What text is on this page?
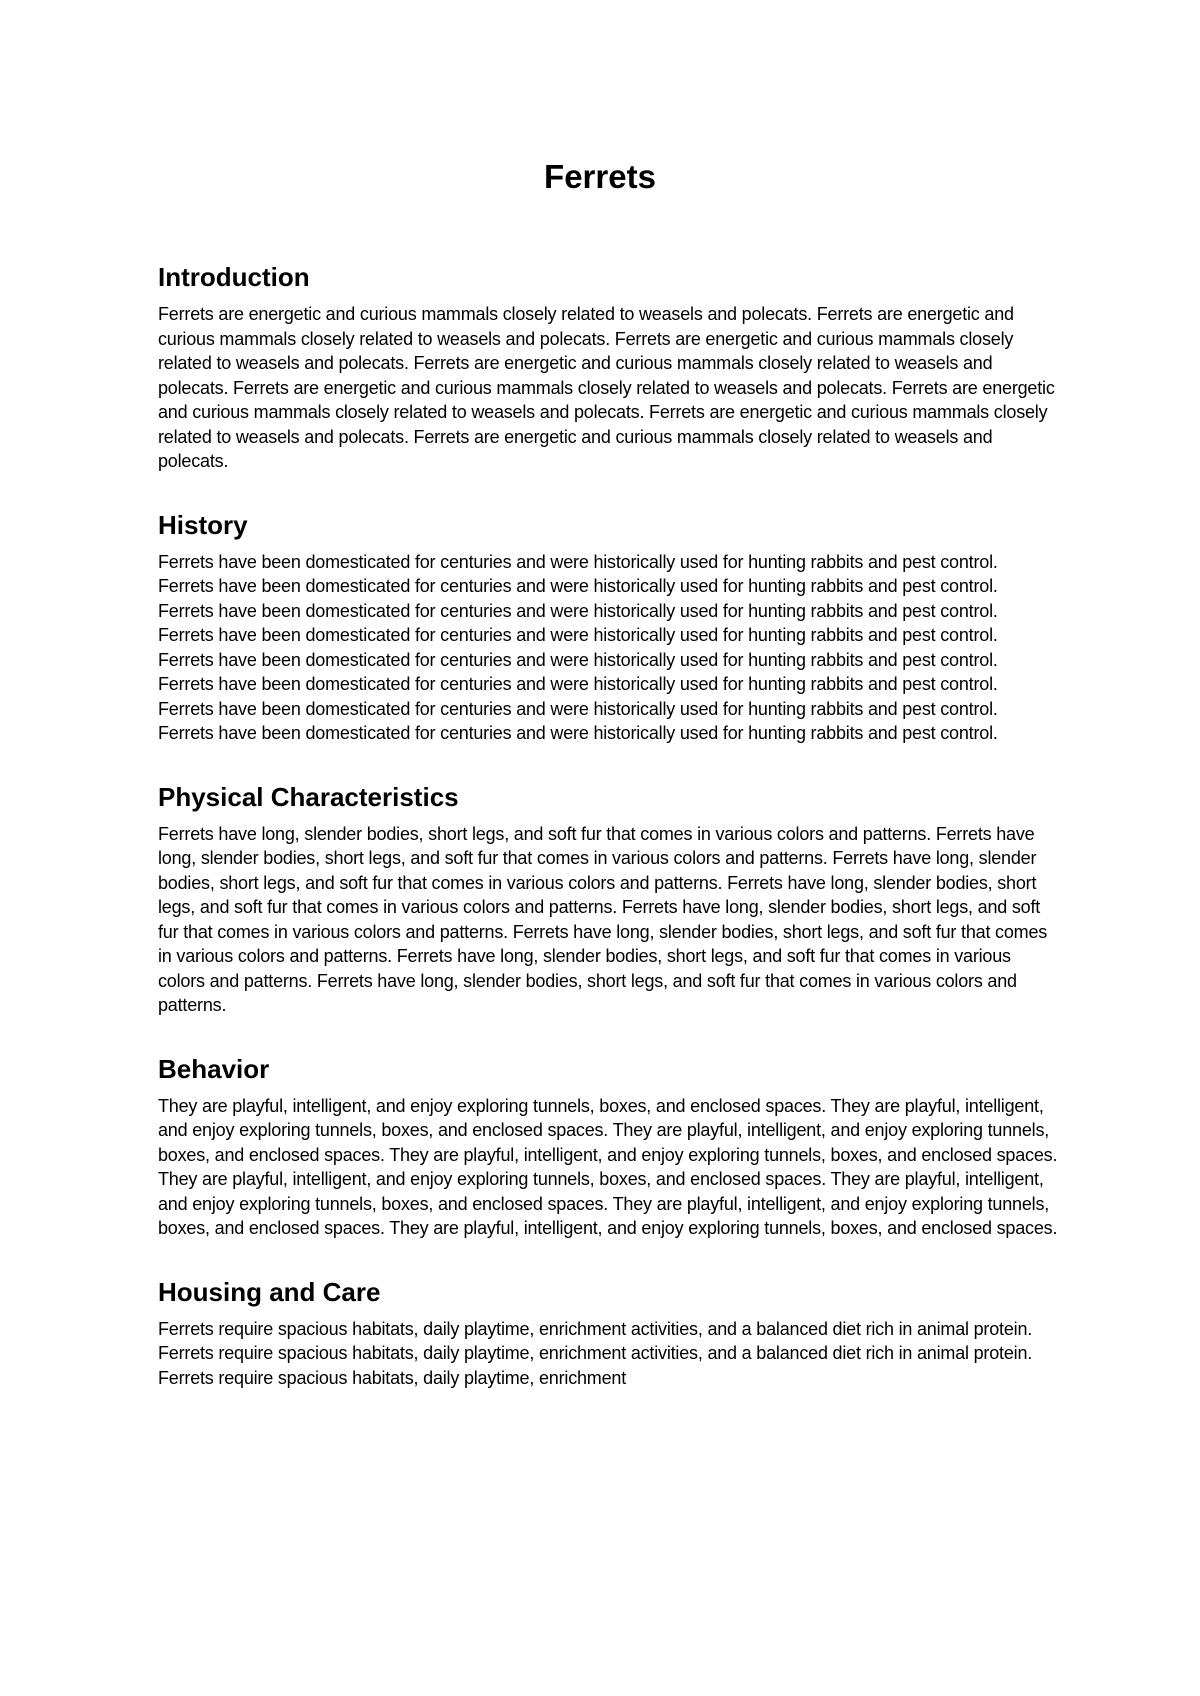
Ferrets
Introduction

Ferrets are energetic and curious mammals closely related to weasels and polecats. Ferrets are energetic and curious mammals closely related to weasels and polecats. Ferrets are energetic and curious mammals closely related to weasels and polecats. Ferrets are energetic and curious mammals closely related to weasels and polecats. Ferrets are energetic and curious mammals closely related to weasels and polecats. Ferrets are energetic and curious mammals closely related to weasels and polecats. Ferrets are energetic and curious mammals closely related to weasels and polecats. Ferrets are energetic and curious mammals closely related to weasels and polecats.

History

Ferrets have been domesticated for centuries and were historically used for hunting rabbits and pest control. Ferrets have been domesticated for centuries and were historically used for hunting rabbits and pest control. Ferrets have been domesticated for centuries and were historically used for hunting rabbits and pest control. Ferrets have been domesticated for centuries and were historically used for hunting rabbits and pest control. Ferrets have been domesticated for centuries and were historically used for hunting rabbits and pest control. Ferrets have been domesticated for centuries and were historically used for hunting rabbits and pest control. Ferrets have been domesticated for centuries and were historically used for hunting rabbits and pest control. Ferrets have been domesticated for centuries and were historically used for hunting rabbits and pest control.

Physical Characteristics

Ferrets have long, slender bodies, short legs, and soft fur that comes in various colors and patterns. Ferrets have long, slender bodies, short legs, and soft fur that comes in various colors and patterns. Ferrets have long, slender bodies, short legs, and soft fur that comes in various colors and patterns. Ferrets have long, slender bodies, short legs, and soft fur that comes in various colors and patterns. Ferrets have long, slender bodies, short legs, and soft fur that comes in various colors and patterns. Ferrets have long, slender bodies, short legs, and soft fur that comes in various colors and patterns. Ferrets have long, slender bodies, short legs, and soft fur that comes in various colors and patterns. Ferrets have long, slender bodies, short legs, and soft fur that comes in various colors and patterns.

Behavior

They are playful, intelligent, and enjoy exploring tunnels, boxes, and enclosed spaces. They are playful, intelligent, and enjoy exploring tunnels, boxes, and enclosed spaces. They are playful, intelligent, and enjoy exploring tunnels, boxes, and enclosed spaces. They are playful, intelligent, and enjoy exploring tunnels, boxes, and enclosed spaces. They are playful, intelligent, and enjoy exploring tunnels, boxes, and enclosed spaces. They are playful, intelligent, and enjoy exploring tunnels, boxes, and enclosed spaces. They are playful, intelligent, and enjoy exploring tunnels, boxes, and enclosed spaces. They are playful, intelligent, and enjoy exploring tunnels, boxes, and enclosed spaces.

Housing and Care

Ferrets require spacious habitats, daily playtime, enrichment activities, and a balanced diet rich in animal protein. Ferrets require spacious habitats, daily playtime, enrichment activities, and a balanced diet rich in animal protein. Ferrets require spacious habitats, daily playtime, enrichment
